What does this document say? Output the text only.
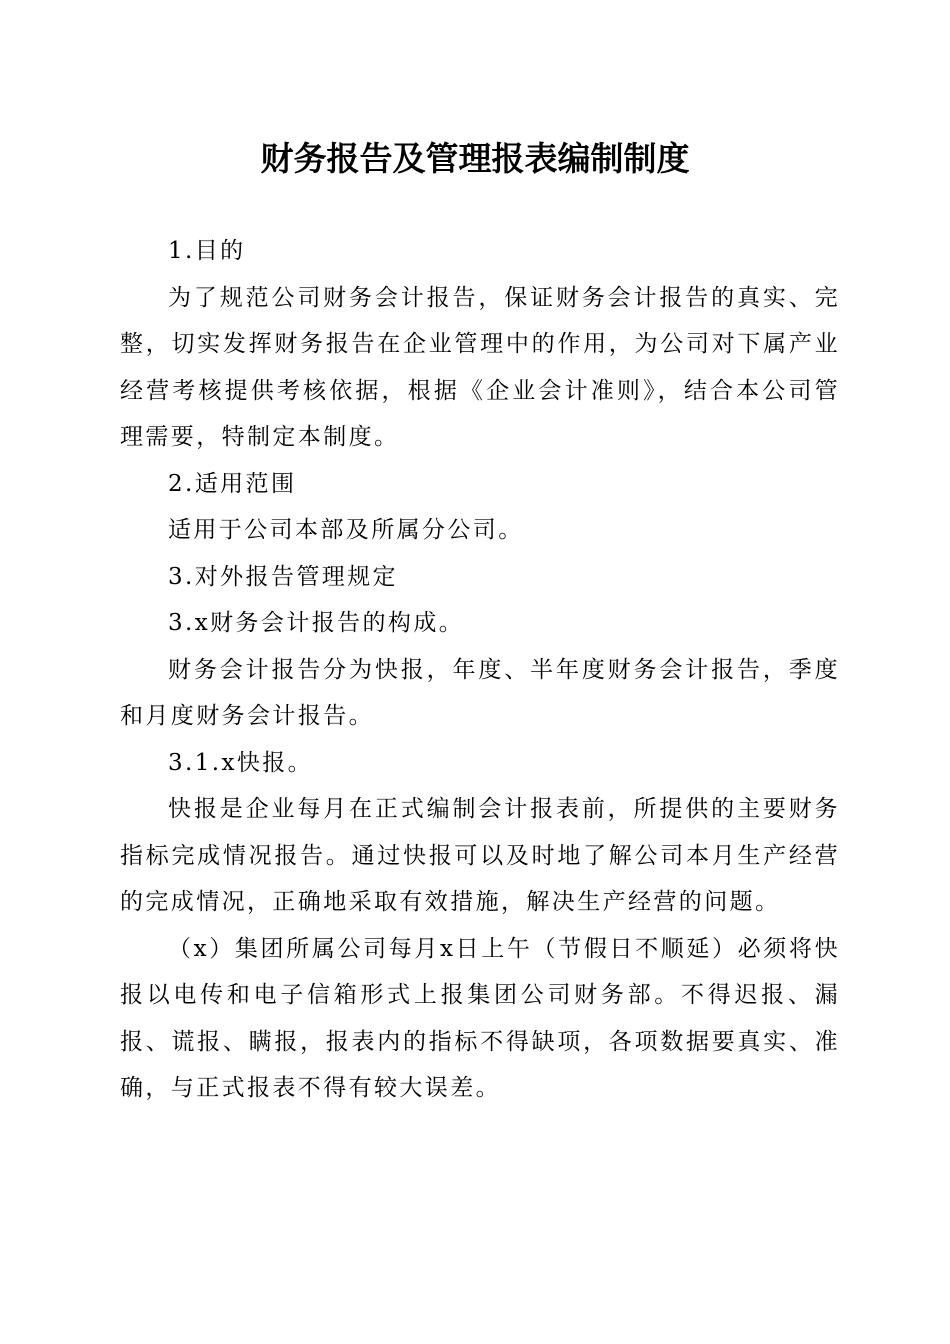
财务报告及管理报表编制制度

1.目的

为了规范公司财务会计报告，保证财务会计报告的真实、完整，切实发挥财务报告在企业管理中的作用，为公司对下属产业经营考核提供考核依据，根据《企业会计准则》，结合本公司管理需要，特制定本制度。

2.适用范围

适用于公司本部及所属分公司。

3.对外报告管理规定

3.x财务会计报告的构成。

财务会计报告分为快报，年度、半年度财务会计报告，季度和月度财务会计报告。

3.1.x快报。

快报是企业每月在正式编制会计报表前，所提供的主要财务指标完成情况报告。通过快报可以及时地了解公司本月生产经营的完成情况，正确地采取有效措施，解决生产经营的问题。

（x）集团所属公司每月x日上午（节假日不顺延）必须将快报以电传和电子信箱形式上报集团公司财务部。不得迟报、漏报、谎报、瞒报，报表内的指标不得缺项，各项数据要真实、准确，与正式报表不得有较大误差。
